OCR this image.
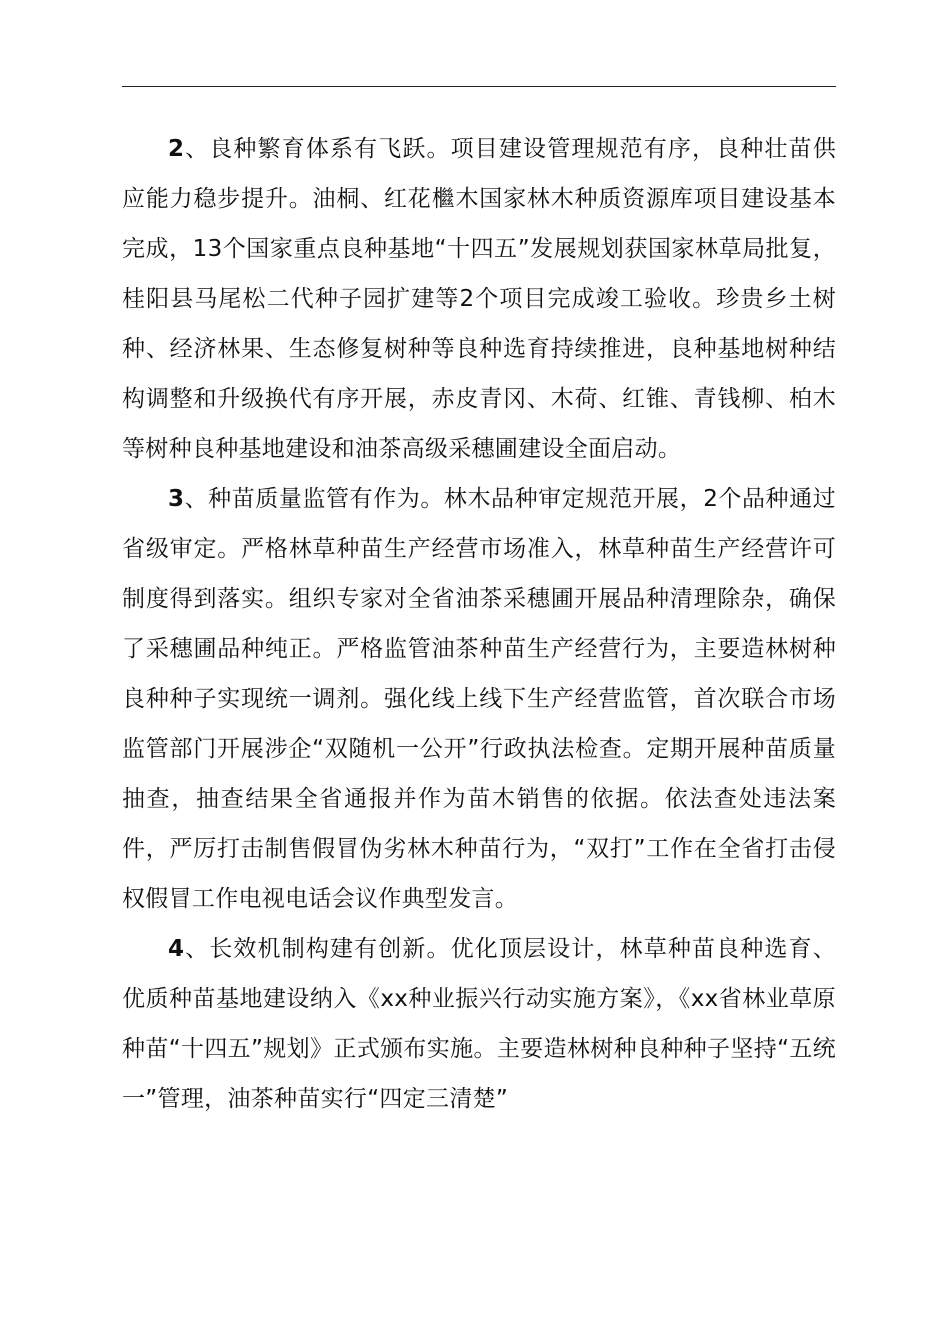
2、良种繁育体系有飞跃。项目建设管理规范有序，良种壮苗供应能力稳步提升。油桐、红花檵木国家林木种质资源库项目建设基本完成，13个国家重点良种基地“十四五”发展规划获国家林草局批复，桂阳县马尾松二代种子园扩建等2个项目完成竣工验收。珍贵乡土树种、经济林果、生态修复树种等良种选育持续推进，良种基地树种结构调整和升级换代有序开展，赤皮青冈、木荷、红锥、青钱柳、柏木等树种良种基地建设和油茶高级采穗圃建设全面启动。

3、种苗质量监管有作为。林木品种审定规范开展，2个品种通过省级审定。严格林草种苗生产经营市场准入，林草种苗生产经营许可制度得到落实。组织专家对全省油茶采穗圃开展品种清理除杂，确保了采穗圃品种纯正。严格监管油茶种苗生产经营行为，主要造林树种良种种子实现统一调剂。强化线上线下生产经营监管，首次联合市场监管部门开展涉企“双随机一公开”行政执法检查。定期开展种苗质量抽查，抽查结果全省通报并作为苗木销售的依据。依法查处违法案件，严厉打击制售假冒伪劣林木种苗行为，“双打”工作在全省打击侵权假冒工作电视电话会议作典型发言。

4、长效机制构建有创新。优化顶层设计，林草种苗良种选育、优质种苗基地建设纳入《xx种业振兴行动实施方案》，《xx省林业草原种苗“十四五”规划》正式颁布实施。主要造林树种良种种子坚持“五统一”管理，油茶种苗实行“四定三清楚”
